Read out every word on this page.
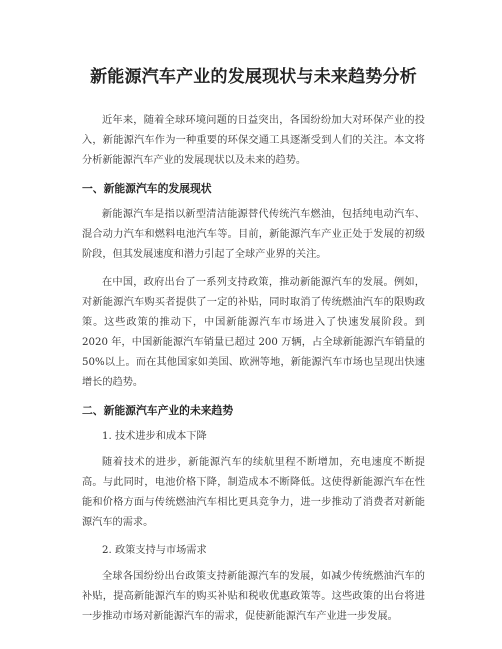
新能源汽车产业的发展现状与未来趋势分析

近年来，随着全球环境问题的日益突出，各国纷纷加大对环保产业的投入，新能源汽车作为一种重要的环保交通工具逐渐受到人们的关注。本文将分析新能源汽车产业的发展现状以及未来的趋势。

一、新能源汽车的发展现状

新能源汽车是指以新型清洁能源替代传统汽车燃油，包括纯电动汽车、混合动力汽车和燃料电池汽车等。目前，新能源汽车产业正处于发展的初级阶段，但其发展速度和潜力引起了全球产业界的关注。

在中国，政府出台了一系列支持政策，推动新能源汽车的发展。例如，对新能源汽车购买者提供了一定的补贴，同时取消了传统燃油汽车的限购政策。这些政策的推动下，中国新能源汽车市场进入了快速发展阶段。到 2020 年，中国新能源汽车销量已超过 200 万辆，占全球新能源汽车销量的 50%以上。而在其他国家如美国、欧洲等地，新能源汽车市场也呈现出快速增长的趋势。

二、新能源汽车产业的未来趋势
1. 技术进步和成本下降

随着技术的进步，新能源汽车的续航里程不断增加，充电速度不断提高。与此同时，电池价格下降，制造成本不断降低。这使得新能源汽车在性能和价格方面与传统燃油汽车相比更具竞争力，进一步推动了消费者对新能源汽车的需求。

2. 政策支持与市场需求

全球各国纷纷出台政策支持新能源汽车的发展，如减少传统燃油汽车的补贴，提高新能源汽车的购买补贴和税收优惠政策等。这些政策的出台将进一步推动市场对新能源汽车的需求，促使新能源汽车产业进一步发展。
